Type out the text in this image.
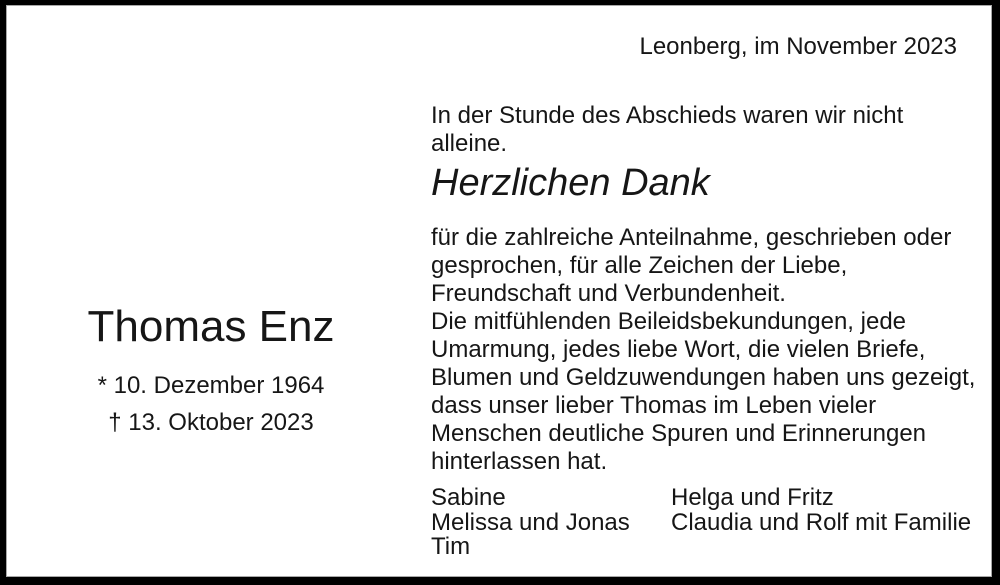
Leonberg, im November 2023
Thomas Enz
* 10. Dezember 1964
† 13. Oktober 2023
In der Stunde des Abschieds waren wir nicht
alleine.
Herzlichen Dank
für die zahlreiche Anteilnahme, geschrieben oder
gesprochen, für alle Zeichen der Liebe,
Freundschaft und Verbundenheit.
Die mitfühlenden Beileidsbekundungen, jede
Umarmung, jedes liebe Wort, die vielen Briefe,
Blumen und Geldzuwendungen haben uns gezeigt,
dass unser lieber Thomas im Leben vieler
Menschen deutliche Spuren und Erinnerungen
hinterlassen hat.
Sabine
Melissa und Jonas
Tim
Helga und Fritz
Claudia und Rolf mit Familie
